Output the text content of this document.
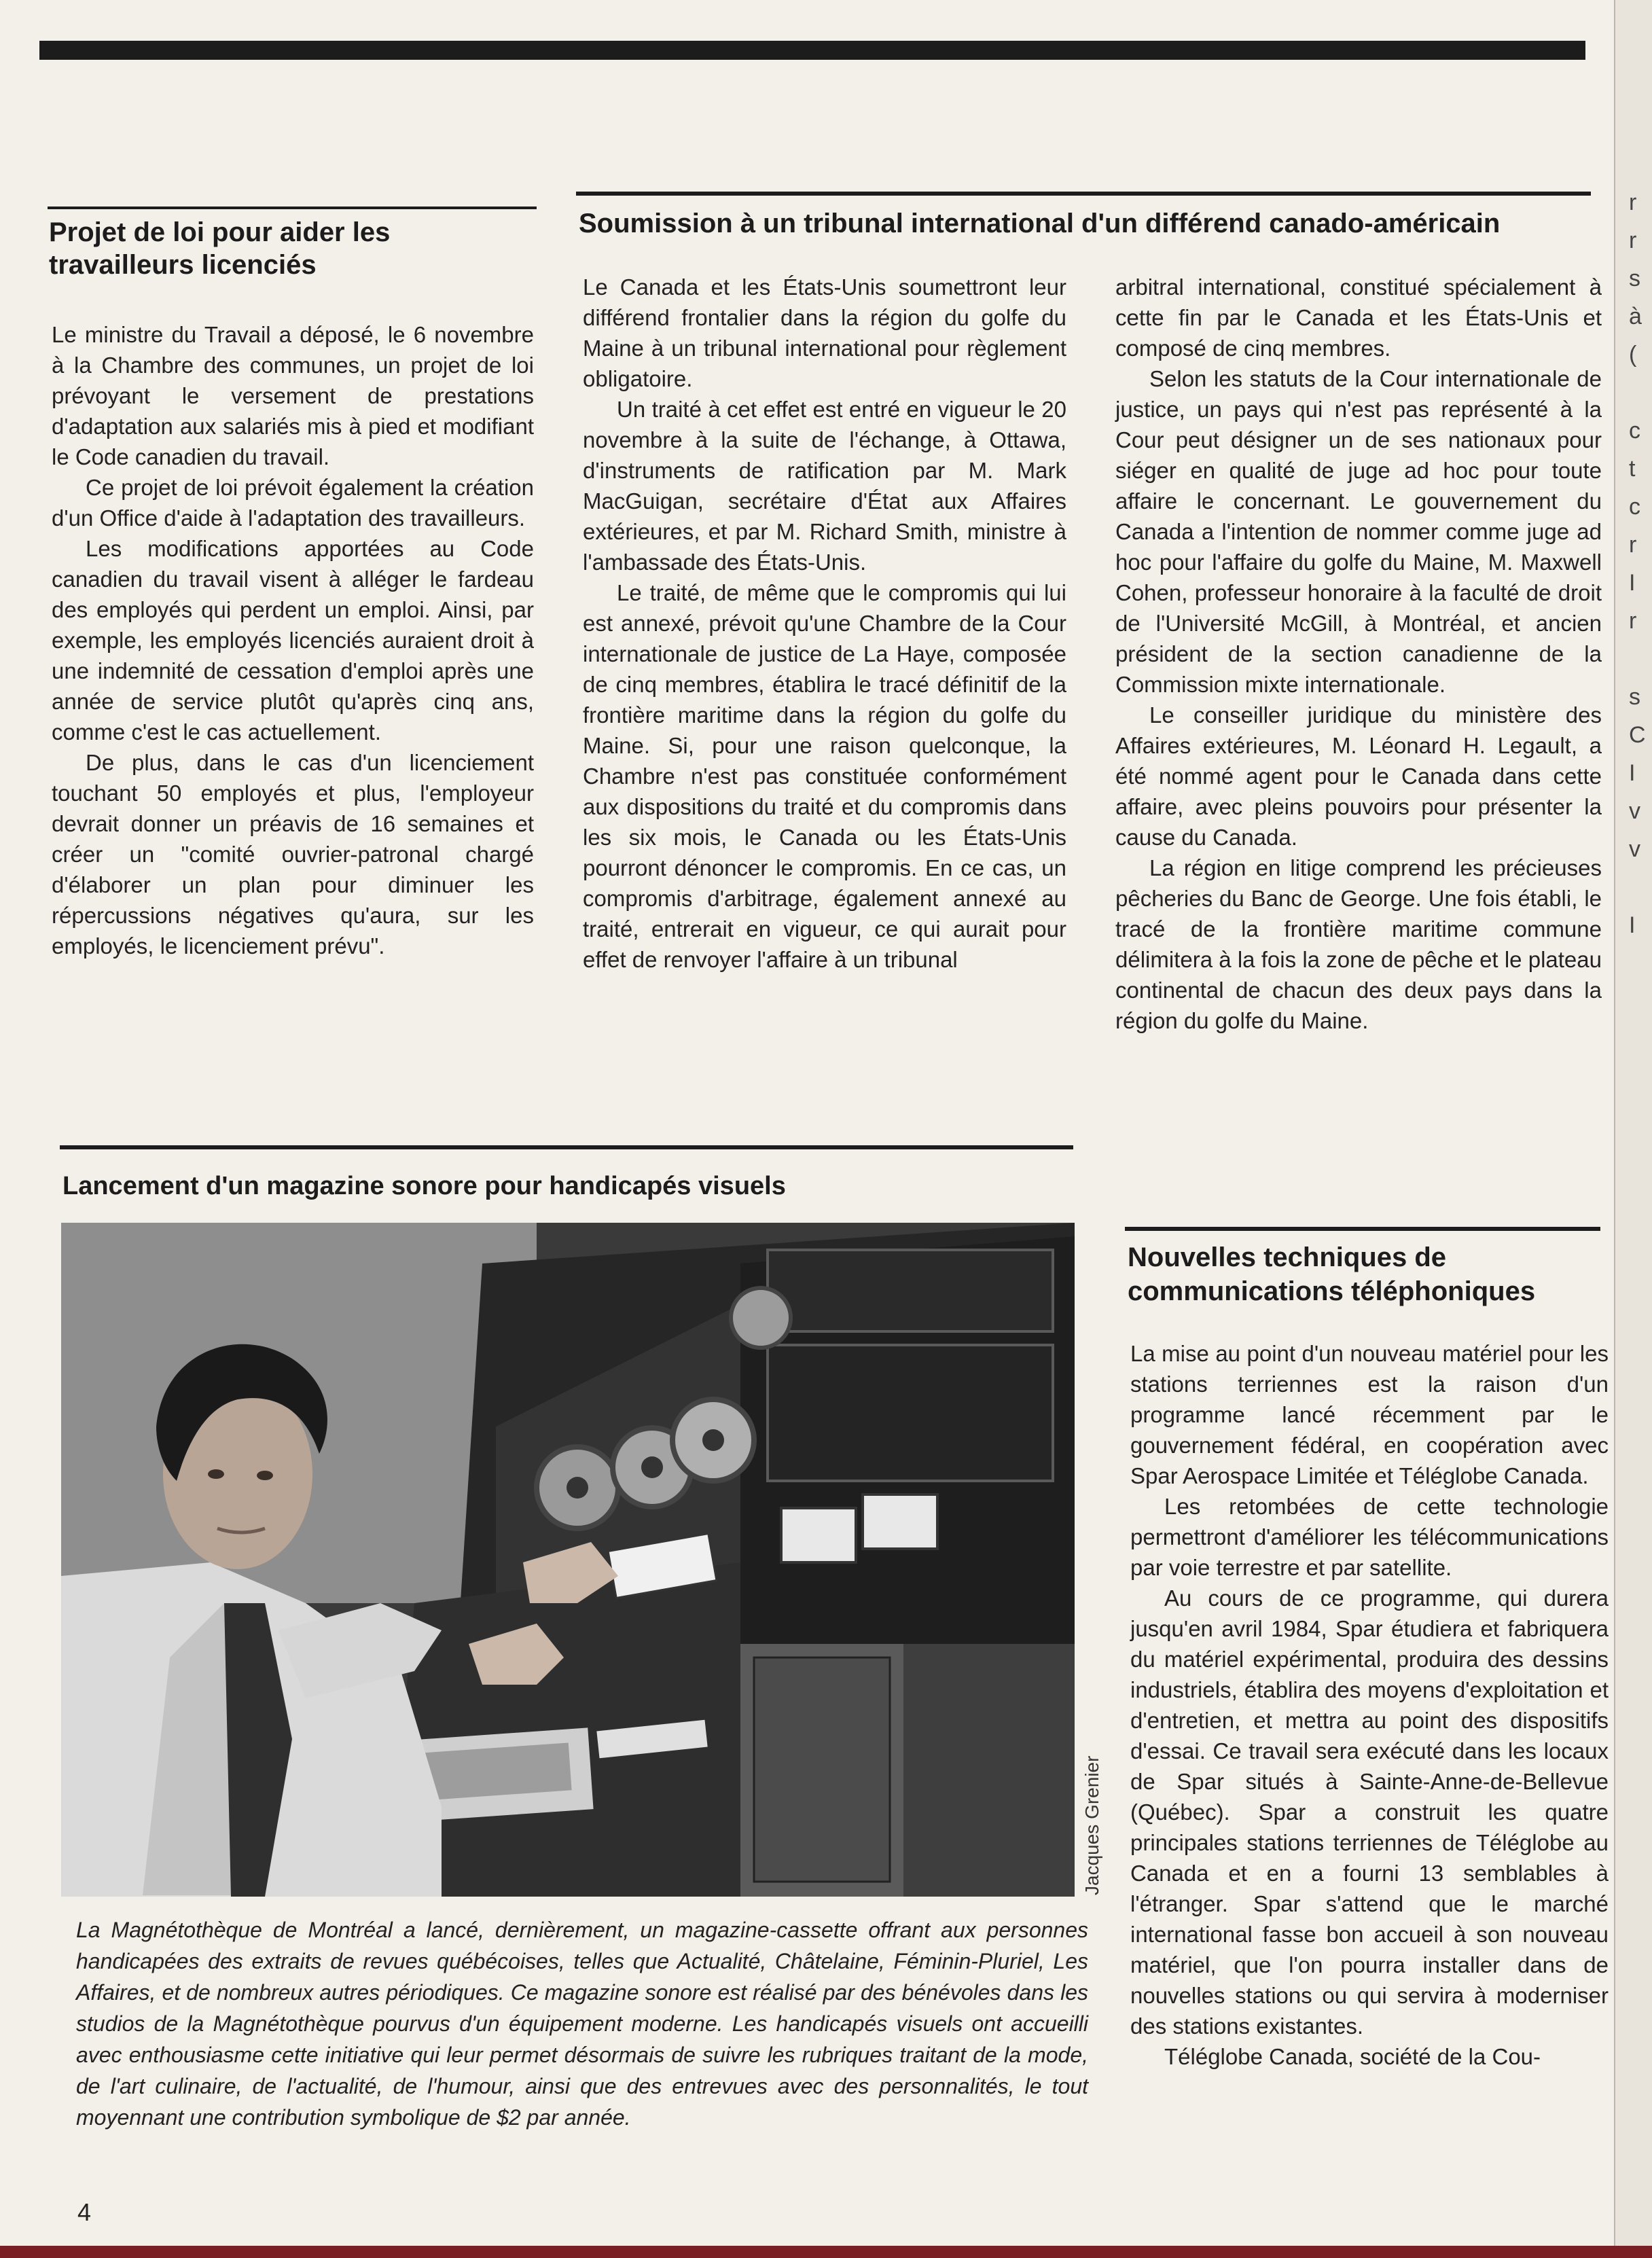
r
r
s
à
(

c
t
c
r
I
r

s
C
I
v
v

I
Projet de loi pour aider les travailleurs licenciés

Le ministre du Travail a déposé, le 6 novembre à la Chambre des communes, un projet de loi prévoyant le versement de prestations d'adaptation aux salariés mis à pied et modifiant le Code canadien du travail.

Ce projet de loi prévoit également la création d'un Office d'aide à l'adaptation des travailleurs.

Les modifications apportées au Code canadien du travail visent à alléger le fardeau des employés qui perdent un emploi. Ainsi, par exemple, les employés licenciés auraient droit à une indemnité de cessation d'emploi après une année de service plutôt qu'après cinq ans, comme c'est le cas actuellement.

De plus, dans le cas d'un licenciement touchant 50 employés et plus, l'employeur devrait donner un préavis de 16 semaines et créer un "comité ouvrier-patronal chargé d'élaborer un plan pour diminuer les répercussions négatives qu'aura, sur les employés, le licenciement prévu".

Soumission à un tribunal international d'un différend canado-américain

Le Canada et les États-Unis soumettront leur différend frontalier dans la région du golfe du Maine à un tribunal international pour règlement obligatoire.

Un traité à cet effet est entré en vigueur le 20 novembre à la suite de l'échange, à Ottawa, d'instruments de ratification par M. Mark MacGuigan, secrétaire d'État aux Affaires extérieures, et par M. Richard Smith, ministre à l'ambassade des États-Unis.

Le traité, de même que le compromis qui lui est annexé, prévoit qu'une Chambre de la Cour internationale de justice de La Haye, composée de cinq membres, établira le tracé définitif de la frontière maritime dans la région du golfe du Maine. Si, pour une raison quelconque, la Chambre n'est pas constituée conformément aux dispositions du traité et du compromis dans les six mois, le Canada ou les États-Unis pourront dénoncer le compromis. En ce cas, un compromis d'arbitrage, également annexé au traité, entrerait en vigueur, ce qui aurait pour effet de renvoyer l'affaire à un tribunal

arbitral international, constitué spécialement à cette fin par le Canada et les États-Unis et composé de cinq membres.

Selon les statuts de la Cour internationale de justice, un pays qui n'est pas représenté à la Cour peut désigner un de ses nationaux pour siéger en qualité de juge ad hoc pour toute affaire le concernant. Le gouvernement du Canada a l'intention de nommer comme juge ad hoc pour l'affaire du golfe du Maine, M. Maxwell Cohen, professeur honoraire à la faculté de droit de l'Université McGill, à Montréal, et ancien président de la section canadienne de la Commission mixte internationale.

Le conseiller juridique du ministère des Affaires extérieures, M. Léonard H. Legault, a été nommé agent pour le Canada dans cette affaire, avec pleins pouvoirs pour présenter la cause du Canada.

La région en litige comprend les précieuses pêcheries du Banc de George. Une fois établi, le tracé de la frontière maritime commune délimitera à la fois la zone de pêche et le plateau continental de chacun des deux pays dans la région du golfe du Maine.

Lancement d'un magazine sonore pour handicapés visuels
Jacques Grenier
La Magnétothèque de Montréal a lancé, dernièrement, un magazine-cassette offrant aux personnes handicapées des extraits de revues québécoises, telles que Actualité, Châtelaine, Féminin-Pluriel, Les Affaires, et de nombreux autres périodiques. Ce magazine sonore est réalisé par des bénévoles dans les studios de la Magnétothèque pourvus d'un équipement moderne. Les handicapés visuels ont accueilli avec enthousiasme cette initiative qui leur permet désormais de suivre les rubriques traitant de la mode, de l'art culinaire, de l'actualité, de l'humour, ainsi que des entrevues avec des personnalités, le tout moyennant une contribution symbolique de $2 par année.
Nouvelles techniques de communications téléphoniques

La mise au point d'un nouveau matériel pour les stations terriennes est la raison d'un programme lancé récemment par le gouvernement fédéral, en coopération avec Spar Aerospace Limitée et Téléglobe Canada.

Les retombées de cette technologie permettront d'améliorer les télécommunications par voie terrestre et par satellite.

Au cours de ce programme, qui durera jusqu'en avril 1984, Spar étudiera et fabriquera du matériel expérimental, produira des dessins industriels, établira des moyens d'exploitation et d'entretien, et mettra au point des dispositifs d'essai. Ce travail sera exécuté dans les locaux de Spar situés à Sainte-Anne-de-Bellevue (Québec). Spar a construit les quatre principales stations terriennes de Téléglobe au Canada et en a fourni 13 semblables à l'étranger. Spar s'attend que le marché international fasse bon accueil à son nouveau matériel, que l'on pourra installer dans de nouvelles stations ou qui servira à moderniser des stations existantes.

Téléglobe Canada, société de la Cou-

4
